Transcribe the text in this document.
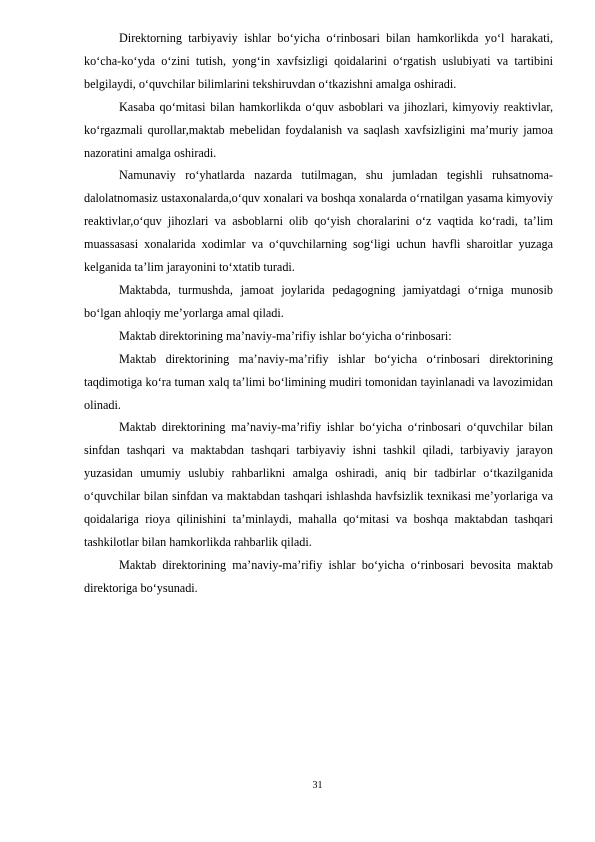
Direktorning tarbiyaviy ishlar bo‘yicha o‘rinbosari bilan hamkorlikda yo‘l harakati, ko‘cha-ko‘yda o‘zini tutish, yong‘in xavfsizligi qoidalarini o‘rgatish uslubiyati va tartibini belgilaydi, o‘quvchilar bilimlarini tekshiruvdan o‘tkazishni amalga oshiradi.

Kasaba qo‘mitasi bilan hamkorlikda o‘quv asboblari va jihozlari, kimyoviy reaktivlar, ko‘rgazmali qurollar,maktab mebelidan foydalanish va saqlash xavfsizligini ma’muriy jamoa nazoratini amalga oshiradi.

Namunaviy ro‘yhatlarda nazarda tutilmagan, shu jumladan tegishli ruhsatnoma-dalolatnomasiz ustaxonalarda,o‘quv xonalari va boshqa xonalarda o‘rnatilgan yasama kimyoviy reaktivlar,o‘quv jihozlari va asboblarni olib qo‘yish choralarini o‘z vaqtida ko‘radi, ta’lim muassasasi xonalarida xodimlar va o‘quvchilarning sog‘ligi uchun havfli sharoitlar yuzaga kelganida ta’lim jarayonini to‘xtatib turadi.

Maktabda, turmushda, jamoat joylarida pedagogning jamiyatdagi o‘rniga munosib bo‘lgan ahloqiy me’yorlarga amal qiladi.

Maktab direktorining ma’naviy-ma’rifiy ishlar bo‘yicha o‘rinbosari:

Maktab direktorining ma’naviy-ma’rifiy ishlar bo‘yicha o‘rinbosari direktorining taqdimotiga ko‘ra tuman xalq ta’limi bo‘limining mudiri tomonidan tayinlanadi va lavozimidan olinadi.

Maktab direktorining ma’naviy-ma’rifiy ishlar bo‘yicha o‘rinbosari o‘quvchilar bilan sinfdan tashqari va maktabdan tashqari tarbiyaviy ishni tashkil qiladi, tarbiyaviy jarayon yuzasidan umumiy uslubiy rahbarlikni amalga oshiradi, aniq bir tadbirlar o‘tkazilganida o‘quvchilar bilan sinfdan va maktabdan tashqari ishlashda havfsizlik texnikasi me’yorlariga va qoidalariga rioya qilinishini ta’minlaydi, mahalla qo‘mitasi va boshqa maktabdan tashqari tashkilotlar bilan hamkorlikda rahbarlik qiladi.

Maktab direktorining ma’naviy-ma’rifiy ishlar bo‘yicha o‘rinbosari bevosita maktab direktoriga bo‘ysunadi.

31
